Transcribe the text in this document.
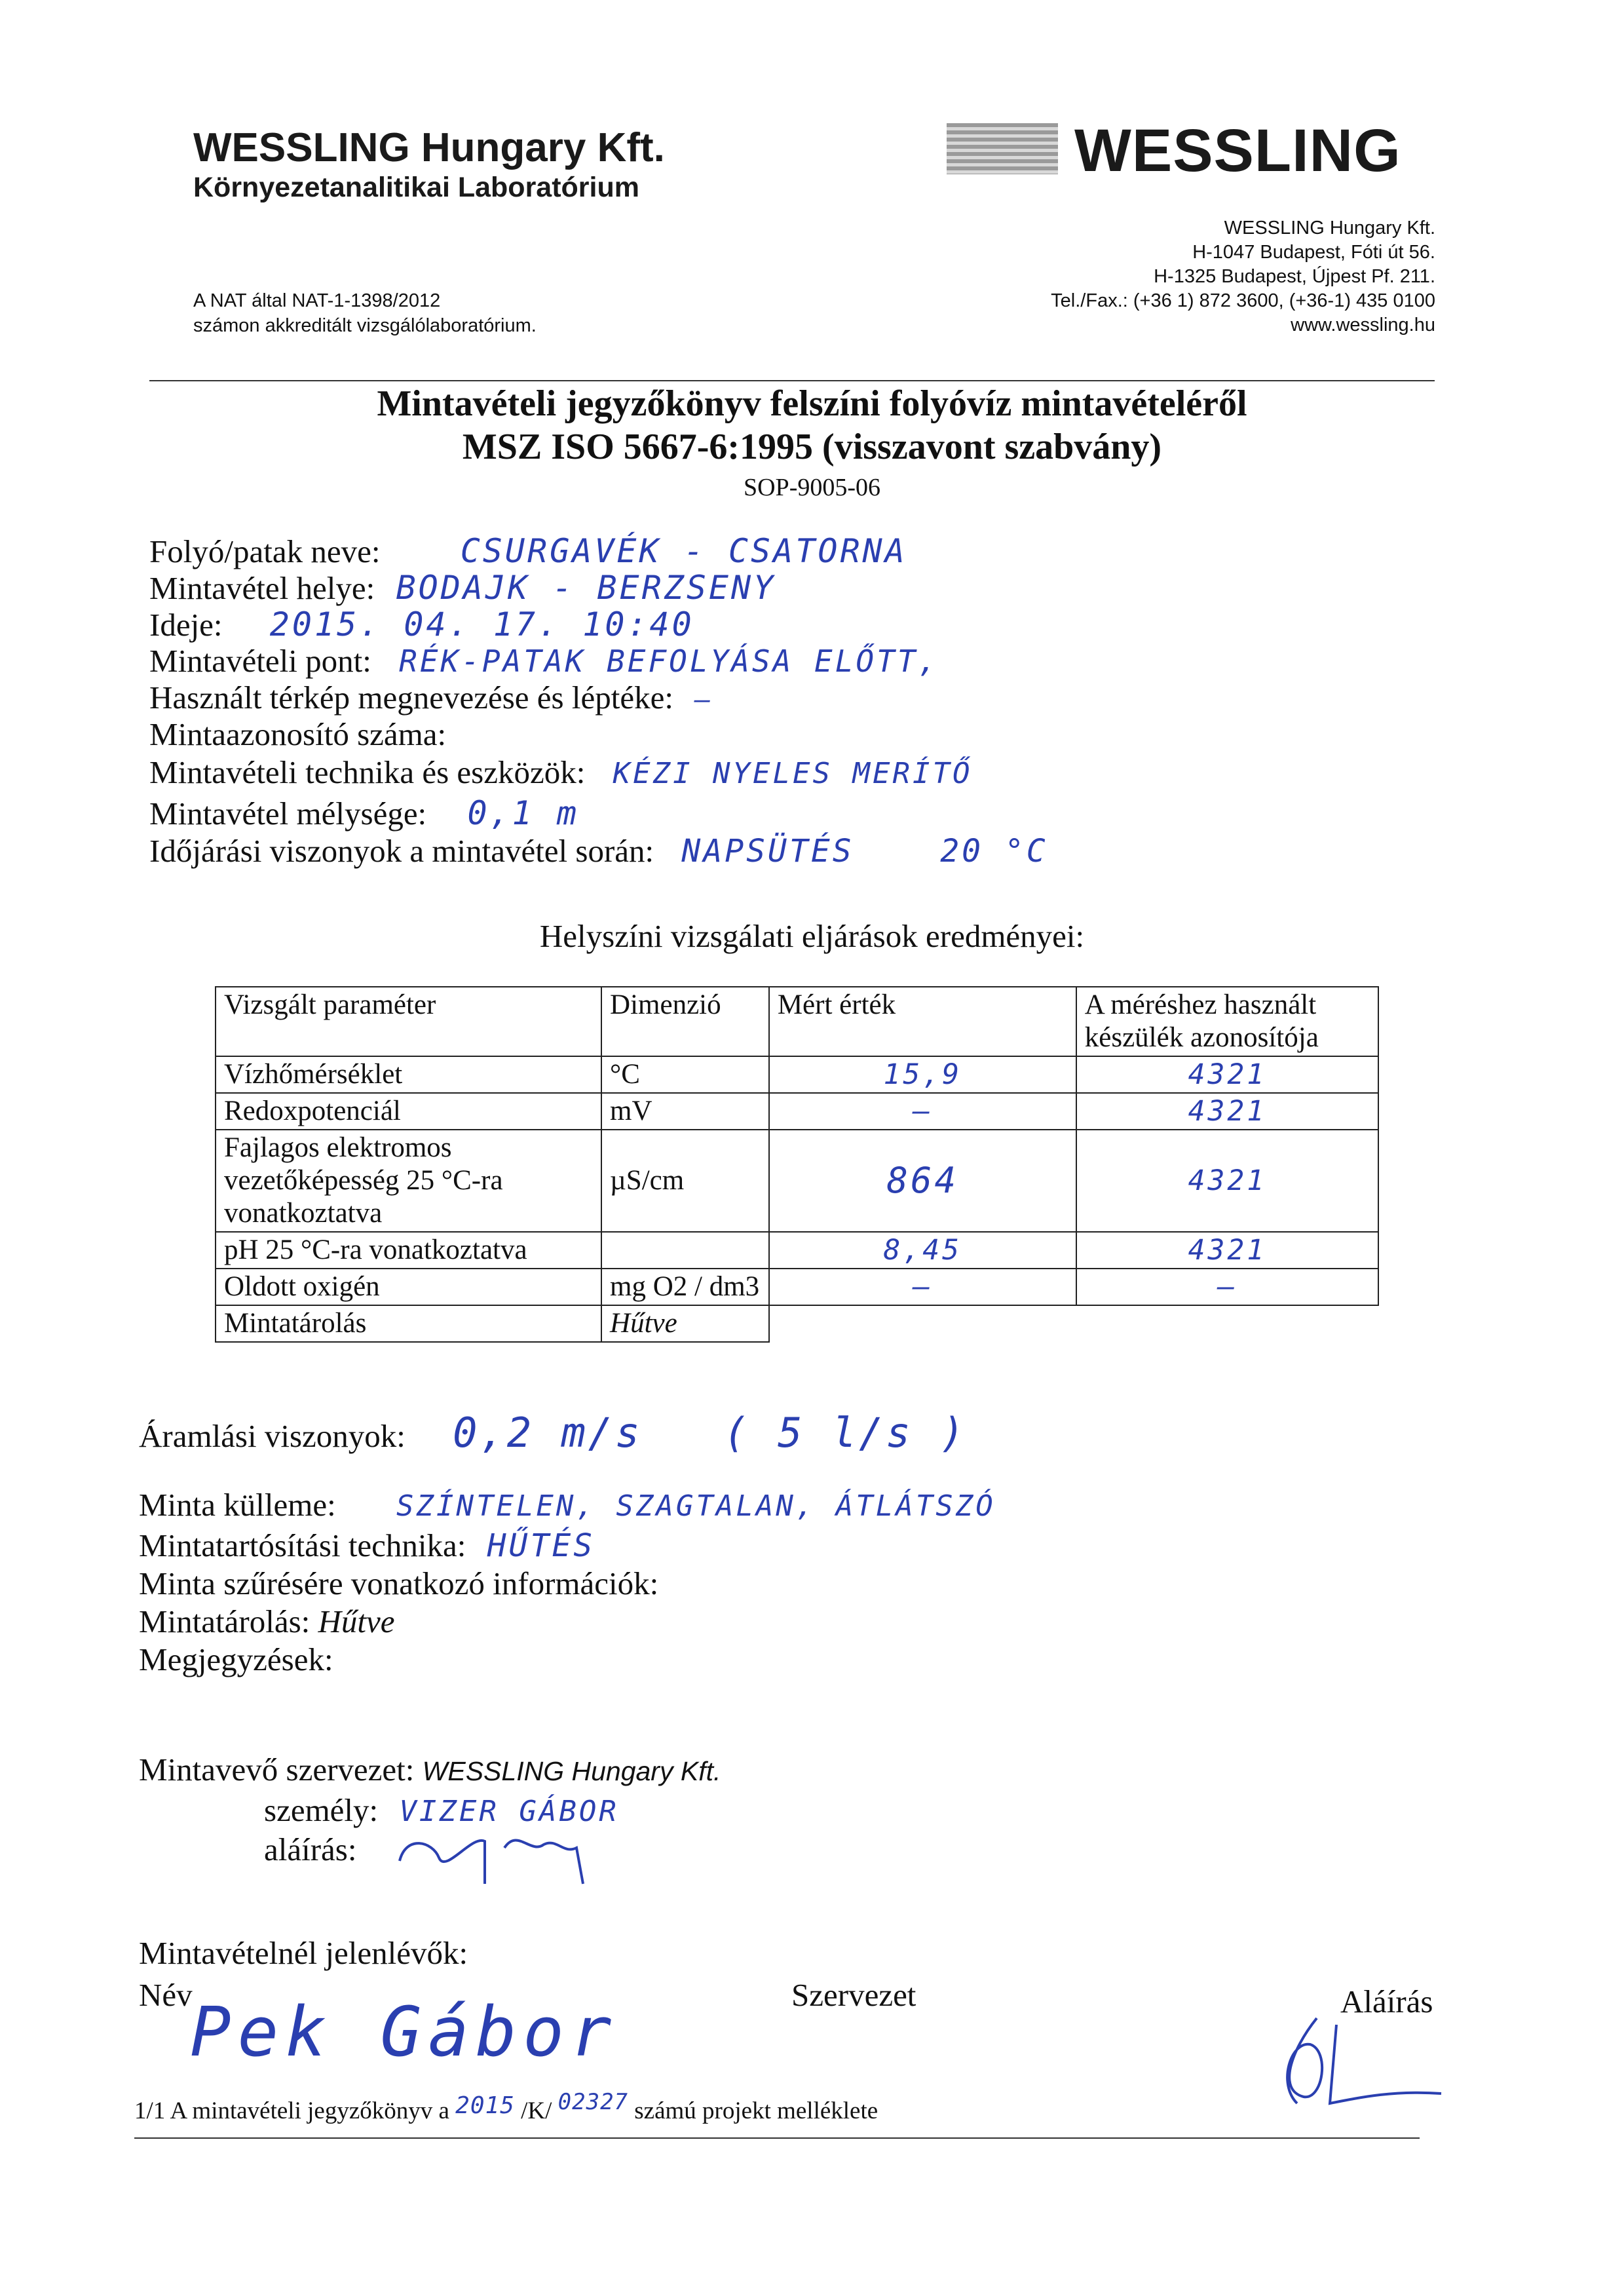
WESSLING Hungary Kft.
Környezetanalitikai Laboratórium
A NAT által NAT-1-1398/2012
számon akkreditált vizsgálólaboratórium.
WESSLING
WESSLING Hungary Kft.
H-1047 Budapest, Fóti út 56.
H-1325 Budapest, Újpest Pf. 211.
Tel./Fax.: (+36 1) 872 3600, (+36-1) 435 0100
www.wessling.hu
Mintavételi jegyzőkönyv felszíni folyóvíz mintavételéről
MSZ ISO 5667-6:1995 (visszavont szabvány)
SOP-9005-06
Folyó/patak neve: CSURGAVÉK - CSATORNA
Mintavétel helye: BODAJK - BERZSENY
Ideje: 2015. 04. 17. 10:40
Mintavételi pont: RÉK-PATAK BEFOLYÁSA ELŐTT,
Használt térkép megnevezése és léptéke: —
Mintaazonosító száma:
Mintavételi technika és eszközök: KÉZI NYELES MERÍTŐ
Mintavétel mélysége: 0,1 m
Időjárási viszonyok a mintavétel során: NAPSÜTÉS    20 °C
Helyszíni vizsgálati eljárások eredményei:
Vizsgált paraméter	Dimenzió	Mért érték	A méréshez használt készülék azonosítója
Vízhőmérséklet	°C	15,9	4321
Redoxpotenciál	mV	—	4321
Fajlagos elektromos vezetőképesség 25 °C-ra vonatkoztatva	µS/cm	864	4321
pH 25 °C-ra vonatkoztatva		8,45	4321
Oldott oxigén	mg O2 / dm3	—	—
Mintatárolás	Hűtve		
Áramlási viszonyok: 0,2 m/s   ( 5 l/s )
Minta külleme: SZÍNTELEN, SZAGTALAN, ÁTLÁTSZÓ
Mintatartósítási technika: HŰTÉS
Minta szűrésére vonatkozó információk:
Mintatárolás: Hűtve
Megjegyzések:
Mintavevő szervezet: WESSLING Hungary Kft.
személy: VIZER GÁBOR
aláírás:
Mintavételnél jelenlévők:
Név	Szervezet	Aláírás
Pek Gábor
1/1 A mintavételi jegyzőkönyv a 2015 /K/ 02327 számú projekt melléklete
